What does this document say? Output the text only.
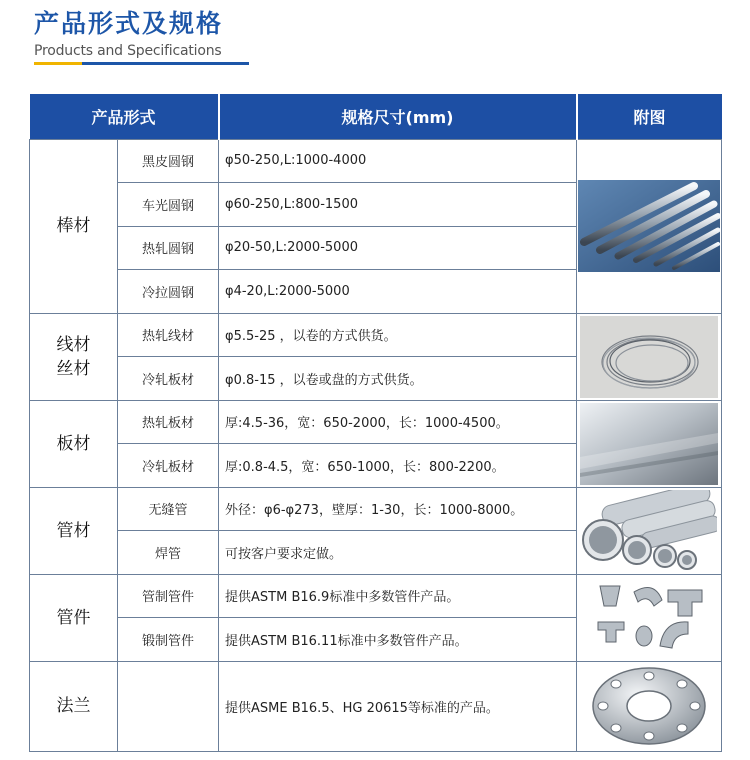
产品形式及规格
Products and Specifications
产品形式		规格尺寸(mm)	附图
棒材	黑皮圆钢	φ50-250,L:1000-4000	

	车光圆钢	φ60-250,L:800-1500	
	热轧圆钢	φ20-50,L:2000-5000	
	冷拉圆钢	φ4-20,L:2000-5000	

线材
丝材	热轧线材	φ5.5-25 ，以卷的方式供货。	

	冷轧板材	φ0.8-15 ，以卷或盘的方式供货。	
板材	热轧板材	厚:4.5-36，宽：650-2000，长：1000-4500。	

	冷轧板材	厚:0.8-4.5，宽：650-1000，长：800-2200。	
管材	无缝管	外径：φ6-φ273，壁厚：1-30，长：1000-8000。	

	焊管	可按客户要求定做。	
管件	管制管件	提供ASTM B16.9标准中多数管件产品。	

	锻制管件	提供ASTM B16.11标准中多数管件产品。	
法兰		提供ASME B16.5、HG 20615等标准的产品。	
